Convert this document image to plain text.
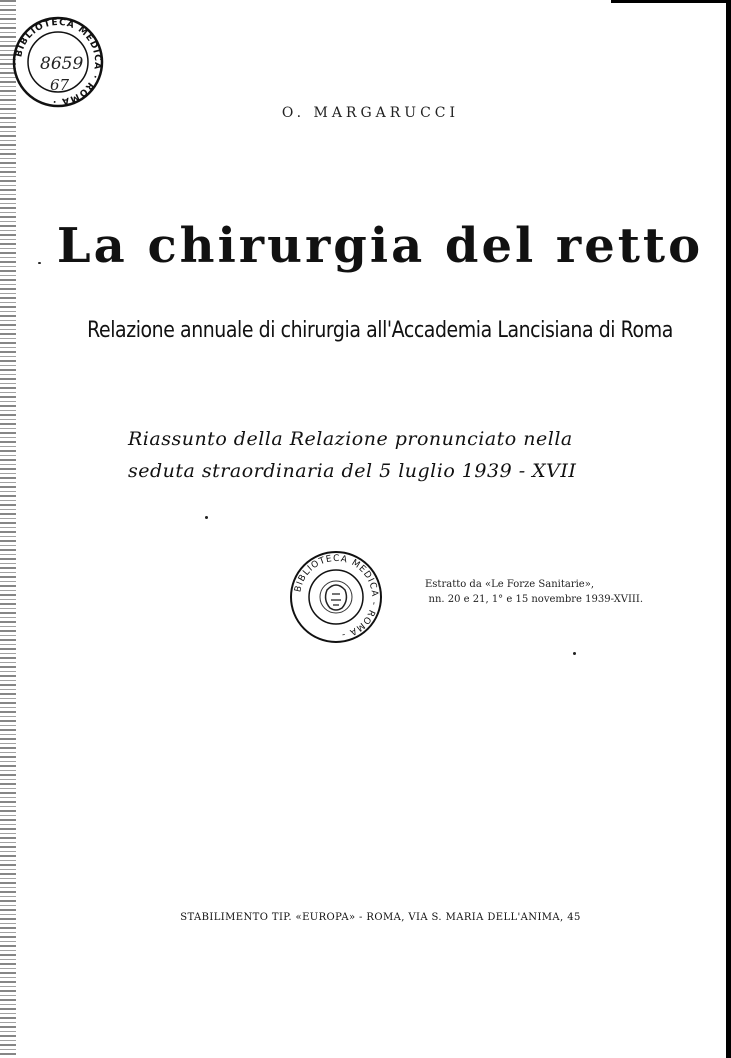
BIBLIOTECA MEDICA · ROMA ·
8659
67
O. MARGARUCCI
La chirurgia del retto
Relazione annuale di chirurgia all'Accademia Lancisiana di Roma
Riassunto della Relazione pronunciato nella
seduta straordinaria del 5 luglio 1939 - XVII
BIBLIOTECA MEDICA - ROMA -
Estratto da «Le Forze Sanitarie»,
nn. 20 e 21, 1° e 15 novembre 1939-XVIII.
STABILIMENTO TIP. «EUROPA» - ROMA, VIA S. MARIA DELL'ANIMA, 45
